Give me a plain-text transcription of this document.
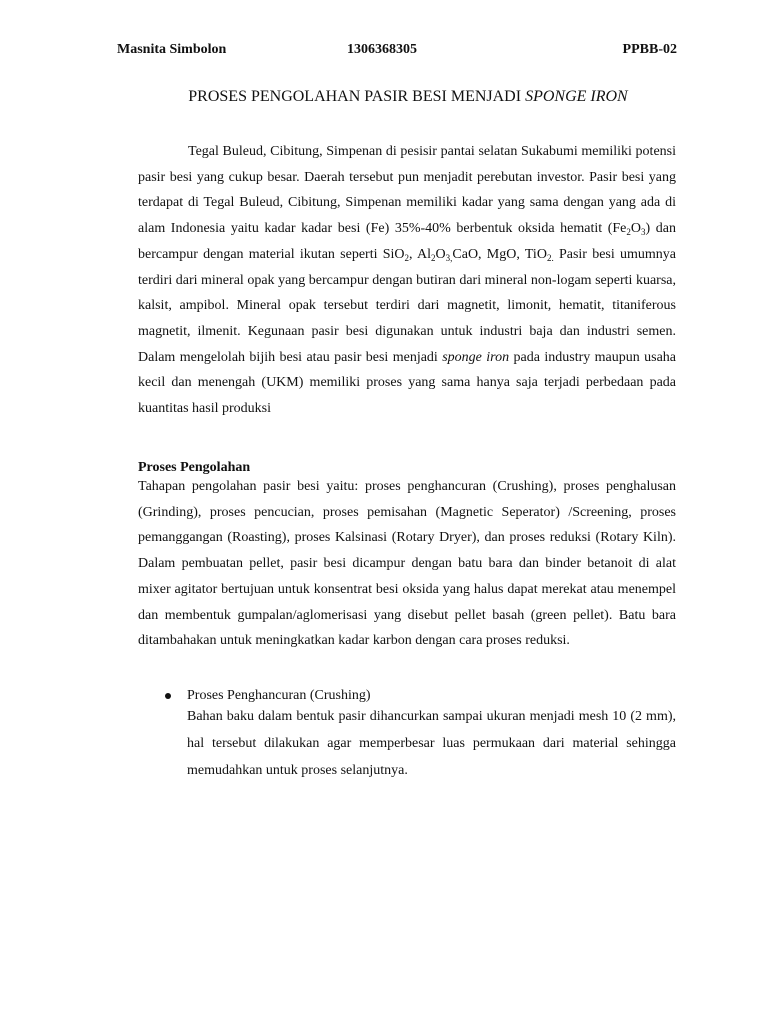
Masnita Simbolon	1306368305	PPBB-02
PROSES PENGOLAHAN PASIR BESI MENJADI SPONGE IRON

Tegal Buleud, Cibitung, Simpenan di pesisir pantai selatan Sukabumi memiliki potensi pasir besi yang cukup besar. Daerah tersebut pun menjadit perebutan investor. Pasir besi yang terdapat di Tegal Buleud, Cibitung, Simpenan memiliki kadar yang sama dengan yang ada di alam Indonesia yaitu kadar kadar besi (Fe) 35%-40% berbentuk oksida hematit $(Fe_2O_3)$ dan bercampur dengan material ikutan seperti SiO$_2$, $Al_2O_{3,}CaO$, MgO, TiO$_{2.}$ Pasir besi umumnya terdiri dari mineral opak yang bercampur dengan butiran dari mineral non-logam seperti kuarsa, kalsit, ampibol. Mineral opak tersebut terdiri dari magnetit, limonit, hematit, titaniferous magnetit, ilmenit. Kegunaan pasir besi digunakan untuk industri baja dan industri semen. Dalam mengelolah bijih besi atau pasir besi menjadi sponge iron pada industry maupun usaha kecil dan menengah (UKM) memiliki proses yang sama hanya saja terjadi perbedaan pada kuantitas hasil produksi

Proses Pengolahan

Tahapan pengolahan pasir besi yaitu: proses penghancuran (Crushing), proses penghalusan (Grinding), proses pencucian, proses pemisahan (Magnetic Seperator) /Screening, proses pemanggangan (Roasting), proses Kalsinasi (Rotary Dryer), dan proses reduksi (Rotary Kiln). Dalam pembuatan pellet, pasir besi dicampur dengan batu bara dan binder betanoit di alat mixer agitator bertujuan untuk konsentrat besi oksida yang halus dapat merekat atau menempel dan membentuk gumpalan/aglomerisasi yang disebut pellet basah (green pellet). Batu bara ditambahakan untuk meningkatkan kadar karbon dengan cara proses reduksi.

Proses Penghancuran (Crushing)

Bahan baku dalam bentuk pasir dihancurkan sampai ukuran menjadi mesh 10 (2 mm), hal tersebut dilakukan agar memperbesar luas permukaan dari material sehingga memudahkan untuk proses selanjutnya.
